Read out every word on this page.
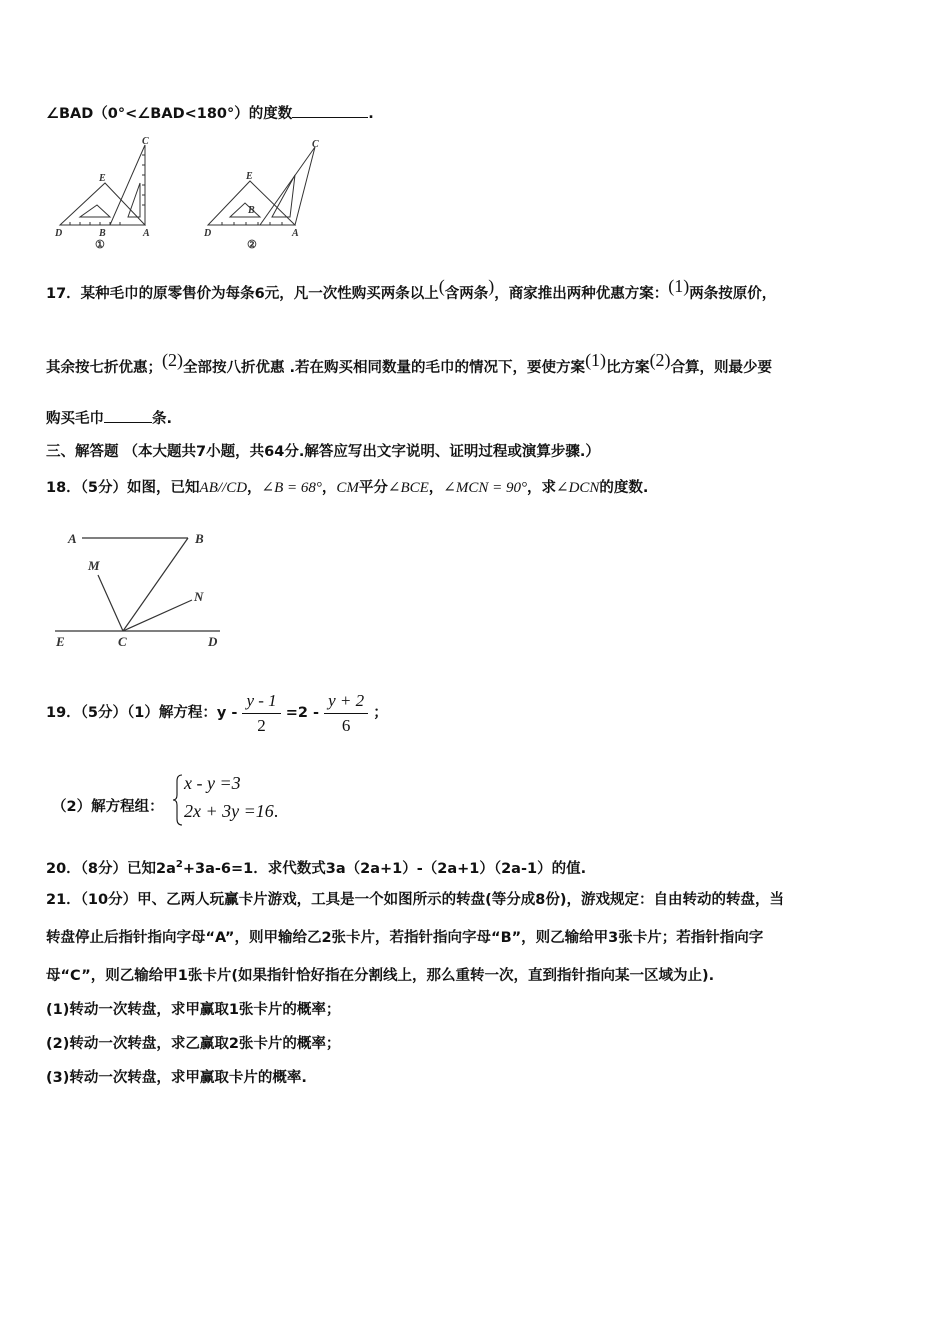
∠BAD（0°<∠BAD<180°）的度数	.
C
E
D	B	A
C
E
D
B
A
①	②
17．某种毛巾的原零售价为每条6元，凡一次性购买两条以上(含两条)，商家推出两种优惠方案：(1)两条按原价，
其余按七折优惠；(2)全部按八折优惠 .若在购买相同数量的毛巾的情况下，要使方案(1)比方案(2)合算，则最少要
购买毛巾	条.
三、解答题 （本大题共7小题，共64分.解答应写出文字说明、证明过程或演算步骤.）
18．（5分）如图，已知AB//CD，∠B = 68°，CM平分∠BCE，∠MCN = 90°，求∠DCN的度数.
A	B
M
N
E	C	D
19．（5分）（1）解方程：$y - \frac{y - 1}{2} =2 - \frac{y + 2}{6}$ ；
（2）解方程组：
x - y =3
2x + 3y =16.
20．（8分）已知$2a^2+3a-6=1$．求代数式3a（2a+1）-（2a+1）（2a-1）的值.
21．（10分）甲、乙两人玩赢卡片游戏，工具是一个如图所示的转盘(等分成8份)，游戏规定：自由转动的转盘，当
转盘停止后指针指向字母“A”，则甲输给乙2张卡片，若指针指向字母“B”，则乙输给甲3张卡片；若指针指向字
母“C”，则乙输给甲1张卡片(如果指针恰好指在分割线上，那么重转一次，直到指针指向某一区域为止).
(1)转动一次转盘，求甲赢取1张卡片的概率；
(2)转动一次转盘，求乙赢取2张卡片的概率；
(3)转动一次转盘，求甲赢取卡片的概率.
